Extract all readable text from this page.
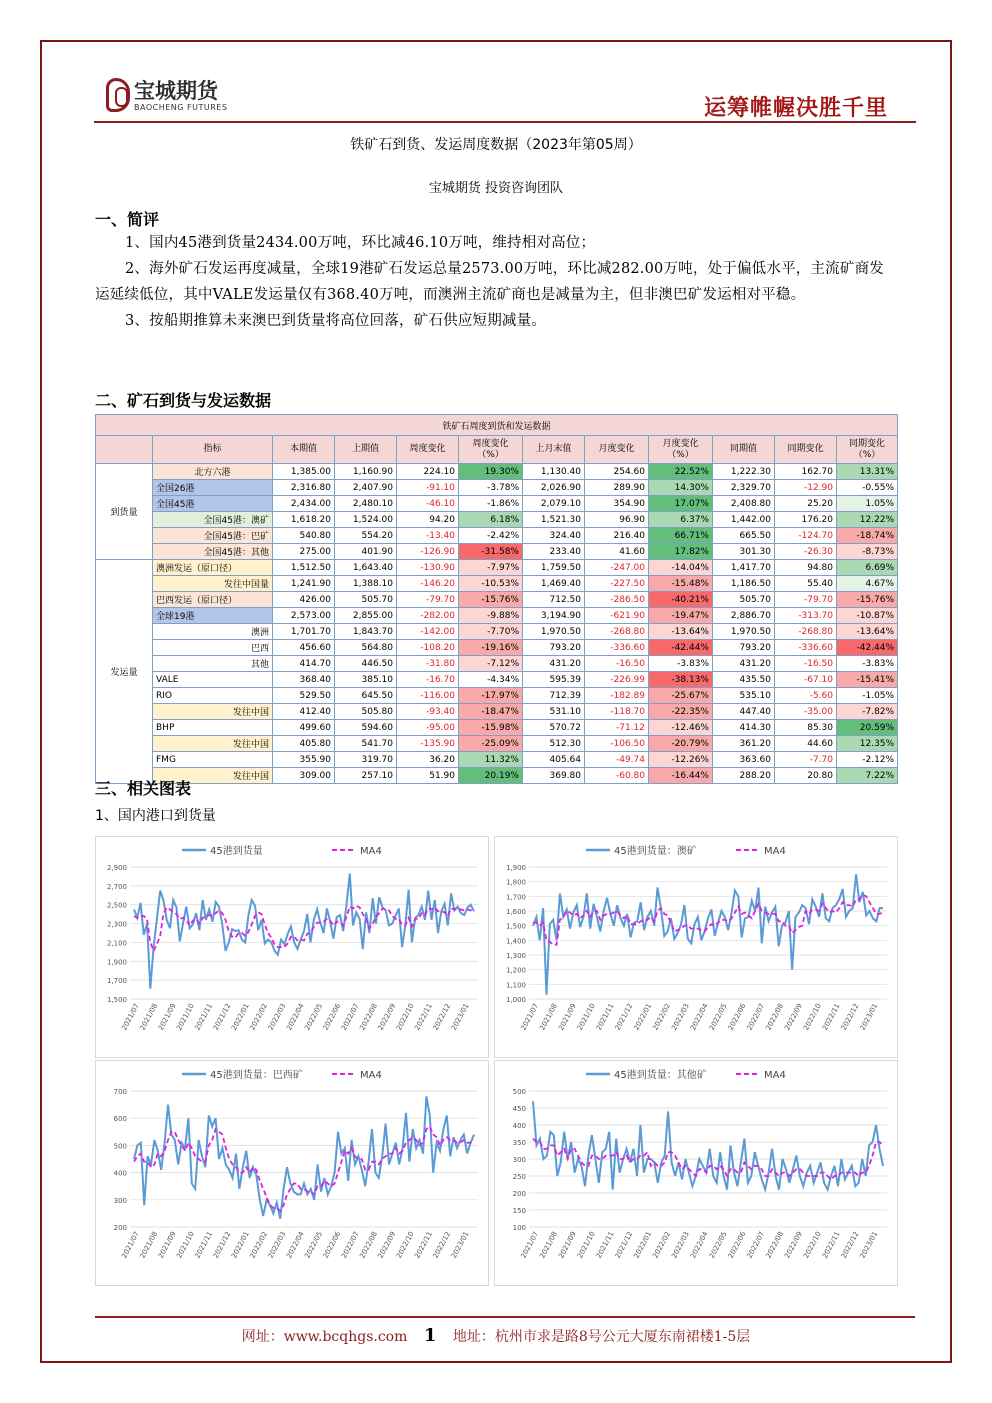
宝城期货
BAOCHENG FUTURES	运筹帷幄决胜千里
铁矿石到货、发运周度数据（2023年第05周）
宝城期货 投资咨询团队
一、简评

1、国内45港到货量2434.00万吨，环比减46.10万吨，维持相对高位；

2、海外矿石发运再度减量，全球19港矿石发运总量2573.00万吨，环比减282.00万吨，处于偏低水平，主流矿商发运延续低位，其中VALE发运量仅有368.40万吨，而澳洲主流矿商也是减量为主，但非澳巴矿发运相对平稳。

3、按船期推算未来澳巴到货量将高位回落，矿石供应短期减量。

二、矿石到货与发运数据
铁矿石周度到货和发运数据											
	指标	本期值	上期值	周度变化	周度变化（%）	上月末值	月度变化	月度变化（%）	同期值	同期变化	同期变化（%）
到货量	北方六港	1,385.00	1,160.90	224.10	19.30%	1,130.40	254.60	22.52%	1,222.30	162.70	13.31%
	全国26港	2,316.80	2,407.90	-91.10	-3.78%	2,026.90	289.90	14.30%	2,329.70	-12.90	-0.55%
	全国45港	2,434.00	2,480.10	-46.10	-1.86%	2,079.10	354.90	17.07%	2,408.80	25.20	1.05%
	全国45港：澳矿	1,618.20	1,524.00	94.20	6.18%	1,521.30	96.90	6.37%	1,442.00	176.20	12.22%
	全国45港：巴矿	540.80	554.20	-13.40	-2.42%	324.40	216.40	66.71%	665.50	-124.70	-18.74%
	全国45港：其他	275.00	401.90	-126.90	-31.58%	233.40	41.60	17.82%	301.30	-26.30	-8.73%
发运量	澳洲发运（原口径）	1,512.50	1,643.40	-130.90	-7.97%	1,759.50	-247.00	-14.04%	1,417.70	94.80	6.69%
	发往中国量	1,241.90	1,388.10	-146.20	-10.53%	1,469.40	-227.50	-15.48%	1,186.50	55.40	4.67%
	巴西发运（原口径）	426.00	505.70	-79.70	-15.76%	712.50	-286.50	-40.21%	505.70	-79.70	-15.76%
	全球19港	2,573.00	2,855.00	-282.00	-9.88%	3,194.90	-621.90	-19.47%	2,886.70	-313.70	-10.87%
	澳洲	1,701.70	1,843.70	-142.00	-7.70%	1,970.50	-268.80	-13.64%	1,970.50	-268.80	-13.64%
	巴西	456.60	564.80	-108.20	-19.16%	793.20	-336.60	-42.44%	793.20	-336.60	-42.44%
	其他	414.70	446.50	-31.80	-7.12%	431.20	-16.50	-3.83%	431.20	-16.50	-3.83%
	VALE	368.40	385.10	-16.70	-4.34%	595.39	-226.99	-38.13%	435.50	-67.10	-15.41%
	RIO	529.50	645.50	-116.00	-17.97%	712.39	-182.89	-25.67%	535.10	-5.60	-1.05%
	发往中国	412.40	505.80	-93.40	-18.47%	531.10	-118.70	-22.35%	447.40	-35.00	-7.82%
	BHP	499.60	594.60	-95.00	-15.98%	570.72	-71.12	-12.46%	414.30	85.30	20.59%
	发往中国	405.80	541.70	-135.90	-25.09%	512.30	-106.50	-20.79%	361.20	44.60	12.35%
	FMG	355.90	319.70	36.20	11.32%	405.64	-49.74	-12.26%	363.60	-7.70	-2.12%
	发往中国	309.00	257.10	51.90	20.19%	369.80	-60.80	-16.44%	288.20	20.80	7.22%
三、相关图表
1、国内港口到货量
45港到货量	MA4
2,900
2,700
2,500
2,300
2,100
1,900
1,700
1,500
2021/07
2021/08
2021/09
2021/10
2021/11
2021/12
2022/01
2022/02
2022/03
2022/04
2022/05
2022/06
2022/07
2022/08
2022/09
2022/10
2022/11
2022/12
2023/01
45港到货量：澳矿	MA4
1,900
1,800
1,700
1,600
1,500
1,400
1,300
1,200
1,100
1,000
2021/07
2021/08
2021/09
2021/10
2021/11
2021/12
2022/01
2022/02
2022/03
2022/04
2022/05
2022/06
2022/07
2022/08
2022/09
2022/10
2022/11
2022/12
2023/01
45港到货量：巴西矿	MA4
700
600
500
400
300
200
2021/07
2021/08
2021/09
2021/10
2021/11
2021/12
2022/01
2022/02
2022/03
2022/04
2022/05
2022/06
2022/07
2022/08
2022/09
2022/10
2022/11
2022/12
2023/01
45港到货量：其他矿	MA4
500
450
400
350
300
250
200
150
100
2021/07
2021/08
2021/09
2021/10
2021/11
2021/12
2022/01
2022/02
2022/03
2022/04
2022/05
2022/06
2022/07
2022/08
2022/09
2022/10
2022/11
2022/12
2023/01
网址：www.bcqhgs.com 1 地址：杭州市求是路8号公元大厦东南裙楼1-5层
